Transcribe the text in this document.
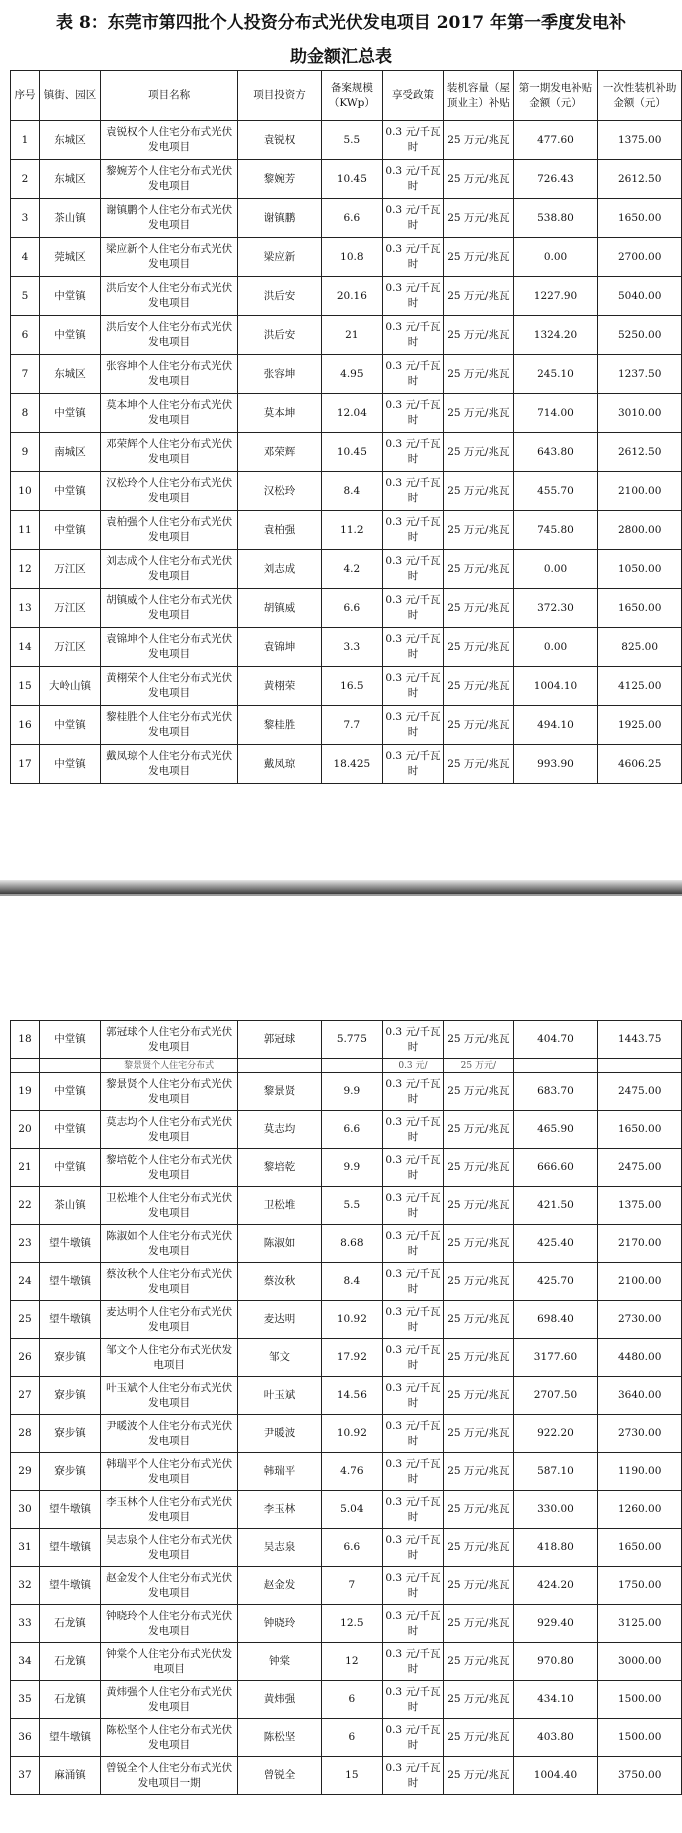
表 8：东莞市第四批个人投资分布式光伏发电项目 2017 年第一季度发电补
助金额汇总表
序号	镇街、园区	项目名称	项目投资方	备案规模（KWp）	享受政策	装机容量（屋顶业主）补贴	第一期发电补贴金额（元）	一次性装机补助金额（元）
1	东城区	袁锐权个人住宅分布式光伏发电项目	袁锐权	5.5	0.3 元/千瓦时	25 万元/兆瓦	477.60	1375.00
2	东城区	黎婉芳个人住宅分布式光伏发电项目	黎婉芳	10.45	0.3 元/千瓦时	25 万元/兆瓦	726.43	2612.50
3	茶山镇	谢镇鹏个人住宅分布式光伏发电项目	谢镇鹏	6.6	0.3 元/千瓦时	25 万元/兆瓦	538.80	1650.00
4	莞城区	梁应新个人住宅分布式光伏发电项目	梁应新	10.8	0.3 元/千瓦时	25 万元/兆瓦	0.00	2700.00
5	中堂镇	洪后安个人住宅分布式光伏发电项目	洪后安	20.16	0.3 元/千瓦时	25 万元/兆瓦	1227.90	5040.00
6	中堂镇	洪后安个人住宅分布式光伏发电项目	洪后安	21	0.3 元/千瓦时	25 万元/兆瓦	1324.20	5250.00
7	东城区	张容坤个人住宅分布式光伏发电项目	张容坤	4.95	0.3 元/千瓦时	25 万元/兆瓦	245.10	1237.50
8	中堂镇	莫本坤个人住宅分布式光伏发电项目	莫本坤	12.04	0.3 元/千瓦时	25 万元/兆瓦	714.00	3010.00
9	南城区	邓荣辉个人住宅分布式光伏发电项目	邓荣辉	10.45	0.3 元/千瓦时	25 万元/兆瓦	643.80	2612.50
10	中堂镇	汉松玲个人住宅分布式光伏发电项目	汉松玲	8.4	0.3 元/千瓦时	25 万元/兆瓦	455.70	2100.00
11	中堂镇	袁柏强个人住宅分布式光伏发电项目	袁柏强	11.2	0.3 元/千瓦时	25 万元/兆瓦	745.80	2800.00
12	万江区	刘志成个人住宅分布式光伏发电项目	刘志成	4.2	0.3 元/千瓦时	25 万元/兆瓦	0.00	1050.00
13	万江区	胡镇威个人住宅分布式光伏发电项目	胡镇威	6.6	0.3 元/千瓦时	25 万元/兆瓦	372.30	1650.00
14	万江区	袁锦坤个人住宅分布式光伏发电项目	袁锦坤	3.3	0.3 元/千瓦时	25 万元/兆瓦	0.00	825.00
15	大岭山镇	黄栩荣个人住宅分布式光伏发电项目	黄栩荣	16.5	0.3 元/千瓦时	25 万元/兆瓦	1004.10	4125.00
16	中堂镇	黎桂胜个人住宅分布式光伏发电项目	黎桂胜	7.7	0.3 元/千瓦时	25 万元/兆瓦	494.10	1925.00
17	中堂镇	戴凤琼个人住宅分布式光伏发电项目	戴凤琼	18.425	0.3 元/千瓦时	25 万元/兆瓦	993.90	4606.25
18	中堂镇	郭冠球个人住宅分布式光伏发电项目	郭冠球	5.775	0.3 元/千瓦时	25 万元/兆瓦	404.70	1443.75
		黎景贤个人住宅分布式			0.3 元/	25 万元/		
19	中堂镇	黎景贤个人住宅分布式光伏发电项目	黎景贤	9.9	0.3 元/千瓦时	25 万元/兆瓦	683.70	2475.00
20	中堂镇	莫志均个人住宅分布式光伏发电项目	莫志均	6.6	0.3 元/千瓦时	25 万元/兆瓦	465.90	1650.00
21	中堂镇	黎培乾个人住宅分布式光伏发电项目	黎培乾	9.9	0.3 元/千瓦时	25 万元/兆瓦	666.60	2475.00
22	茶山镇	卫松堆个人住宅分布式光伏发电项目	卫松堆	5.5	0.3 元/千瓦时	25 万元/兆瓦	421.50	1375.00
23	望牛墩镇	陈淑如个人住宅分布式光伏发电项目	陈淑如	8.68	0.3 元/千瓦时	25 万元/兆瓦	425.40	2170.00
24	望牛墩镇	蔡汝秋个人住宅分布式光伏发电项目	蔡汝秋	8.4	0.3 元/千瓦时	25 万元/兆瓦	425.70	2100.00
25	望牛墩镇	麦达明个人住宅分布式光伏发电项目	麦达明	10.92	0.3 元/千瓦时	25 万元/兆瓦	698.40	2730.00
26	寮步镇	邹文个人住宅分布式光伏发电项目	邹文	17.92	0.3 元/千瓦时	25 万元/兆瓦	3177.60	4480.00
27	寮步镇	叶玉斌个人住宅分布式光伏发电项目	叶玉斌	14.56	0.3 元/千瓦时	25 万元/兆瓦	2707.50	3640.00
28	寮步镇	尹暖波个人住宅分布式光伏发电项目	尹暖波	10.92	0.3 元/千瓦时	25 万元/兆瓦	922.20	2730.00
29	寮步镇	韩瑞平个人住宅分布式光伏发电项目	韩瑞平	4.76	0.3 元/千瓦时	25 万元/兆瓦	587.10	1190.00
30	望牛墩镇	李玉林个人住宅分布式光伏发电项目	李玉林	5.04	0.3 元/千瓦时	25 万元/兆瓦	330.00	1260.00
31	望牛墩镇	吴志泉个人住宅分布式光伏发电项目	吴志泉	6.6	0.3 元/千瓦时	25 万元/兆瓦	418.80	1650.00
32	望牛墩镇	赵金发个人住宅分布式光伏发电项目	赵金发	7	0.3 元/千瓦时	25 万元/兆瓦	424.20	1750.00
33	石龙镇	钟晓玲个人住宅分布式光伏发电项目	钟晓玲	12.5	0.3 元/千瓦时	25 万元/兆瓦	929.40	3125.00
34	石龙镇	钟棠个人住宅分布式光伏发电项目	钟棠	12	0.3 元/千瓦时	25 万元/兆瓦	970.80	3000.00
35	石龙镇	黄炜强个人住宅分布式光伏发电项目	黄炜强	6	0.3 元/千瓦时	25 万元/兆瓦	434.10	1500.00
36	望牛墩镇	陈松坚个人住宅分布式光伏发电项目	陈松坚	6	0.3 元/千瓦时	25 万元/兆瓦	403.80	1500.00
37	麻涌镇	曾锐全个人住宅分布式光伏发电项目一期	曾锐全	15	0.3 元/千瓦时	25 万元/兆瓦	1004.40	3750.00
